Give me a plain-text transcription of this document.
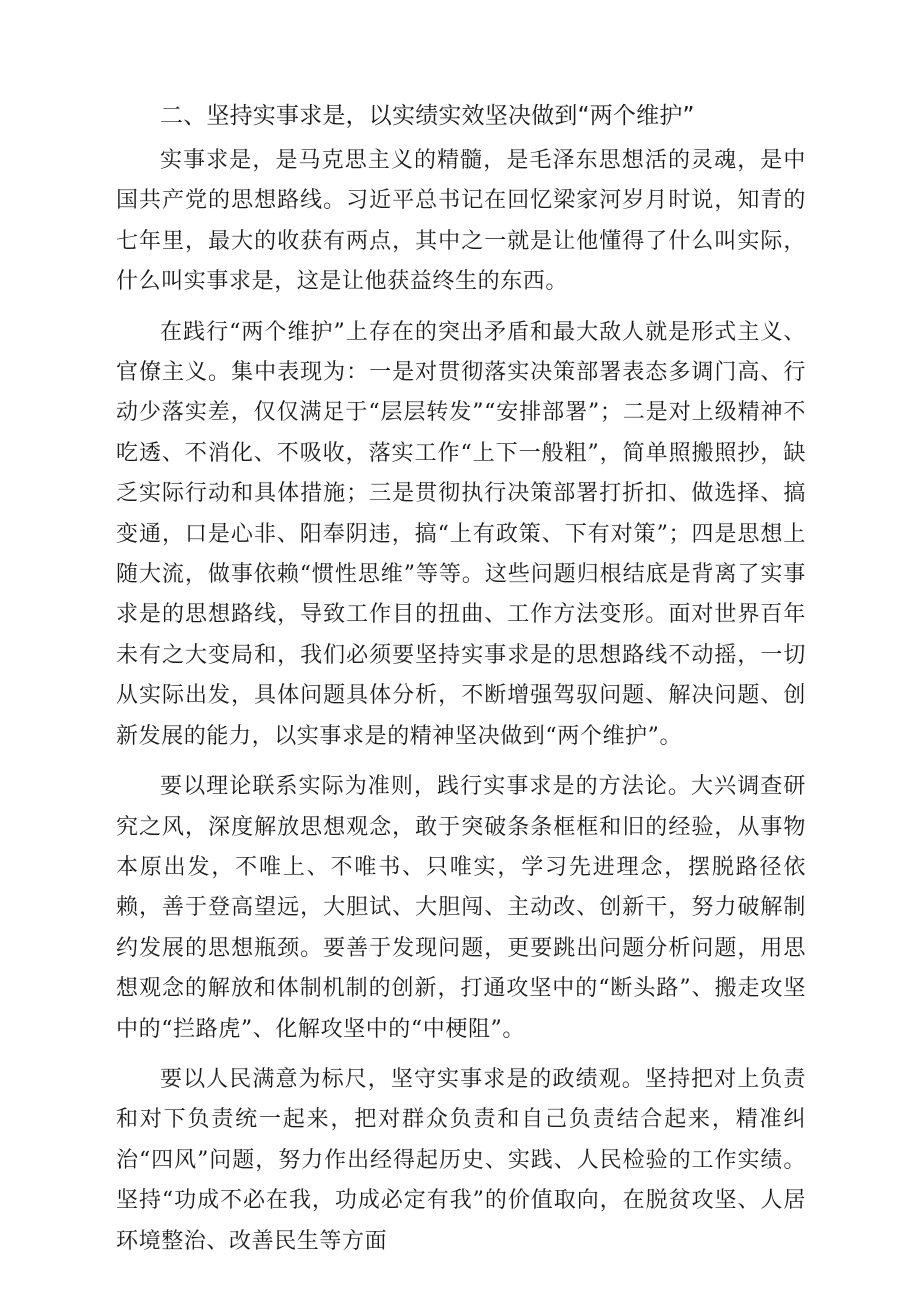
二、坚持实事求是，以实绩实效坚决做到“两个维护”

实事求是，是马克思主义的精髓，是毛泽东思想活的灵魂，是中国共产党的思想路线。习近平总书记在回忆梁家河岁月时说，知青的七年里，最大的收获有两点，其中之一就是让他懂得了什么叫实际，什么叫实事求是，这是让他获益终生的东西。

在践行“两个维护”上存在的突出矛盾和最大敌人就是形式主义、官僚主义。集中表现为：一是对贯彻落实决策部署表态多调门高、行动少落实差，仅仅满足于“层层转发”“安排部署”；二是对上级精神不吃透、不消化、不吸收，落实工作“上下一般粗”，简单照搬照抄，缺乏实际行动和具体措施；三是贯彻执行决策部署打折扣、做选择、搞变通，口是心非、阳奉阴违，搞“上有政策、下有对策”；四是思想上随大流，做事依赖“惯性思维”等等。这些问题归根结底是背离了实事求是的思想路线，导致工作目的扭曲、工作方法变形。面对世界百年未有之大变局和，我们必须要坚持实事求是的思想路线不动摇，一切从实际出发，具体问题具体分析，不断增强驾驭问题、解决问题、创新发展的能力，以实事求是的精神坚决做到“两个维护”。

要以理论联系实际为准则，践行实事求是的方法论。大兴调查研究之风，深度解放思想观念，敢于突破条条框框和旧的经验，从事物本原出发，不唯上、不唯书、只唯实，学习先进理念，摆脱路径依赖，善于登高望远，大胆试、大胆闯、主动改、创新干，努力破解制约发展的思想瓶颈。要善于发现问题，更要跳出问题分析问题，用思想观念的解放和体制机制的创新，打通攻坚中的“断头路”、搬走攻坚中的“拦路虎”、化解攻坚中的“中梗阻”。

要以人民满意为标尺，坚守实事求是的政绩观。坚持把对上负责和对下负责统一起来，把对群众负责和自己负责结合起来，精准纠治“四风”问题，努力作出经得起历史、实践、人民检验的工作实绩。坚持“功成不必在我，功成必定有我”的价值取向，在脱贫攻坚、人居环境整治、改善民生等方面
